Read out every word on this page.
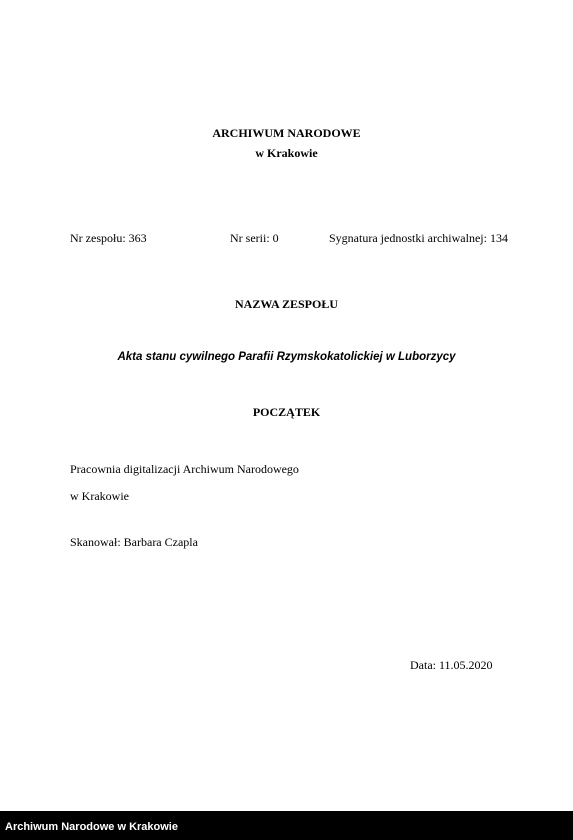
ARCHIWUM NARODOWE
w Krakowie
Nr zespołu: 363	Nr serii: 0	Sygnatura jednostki archiwalnej: 134
NAZWA ZESPOŁU
Akta stanu cywilnego Parafii Rzymskokatolickiej w Luborzycy
POCZĄTEK
Pracownia digitalizacji Archiwum Narodowego
w Krakowie
Skanował: Barbara Czapla
Data: 11.05.2020
Archiwum Narodowe w Krakowie
